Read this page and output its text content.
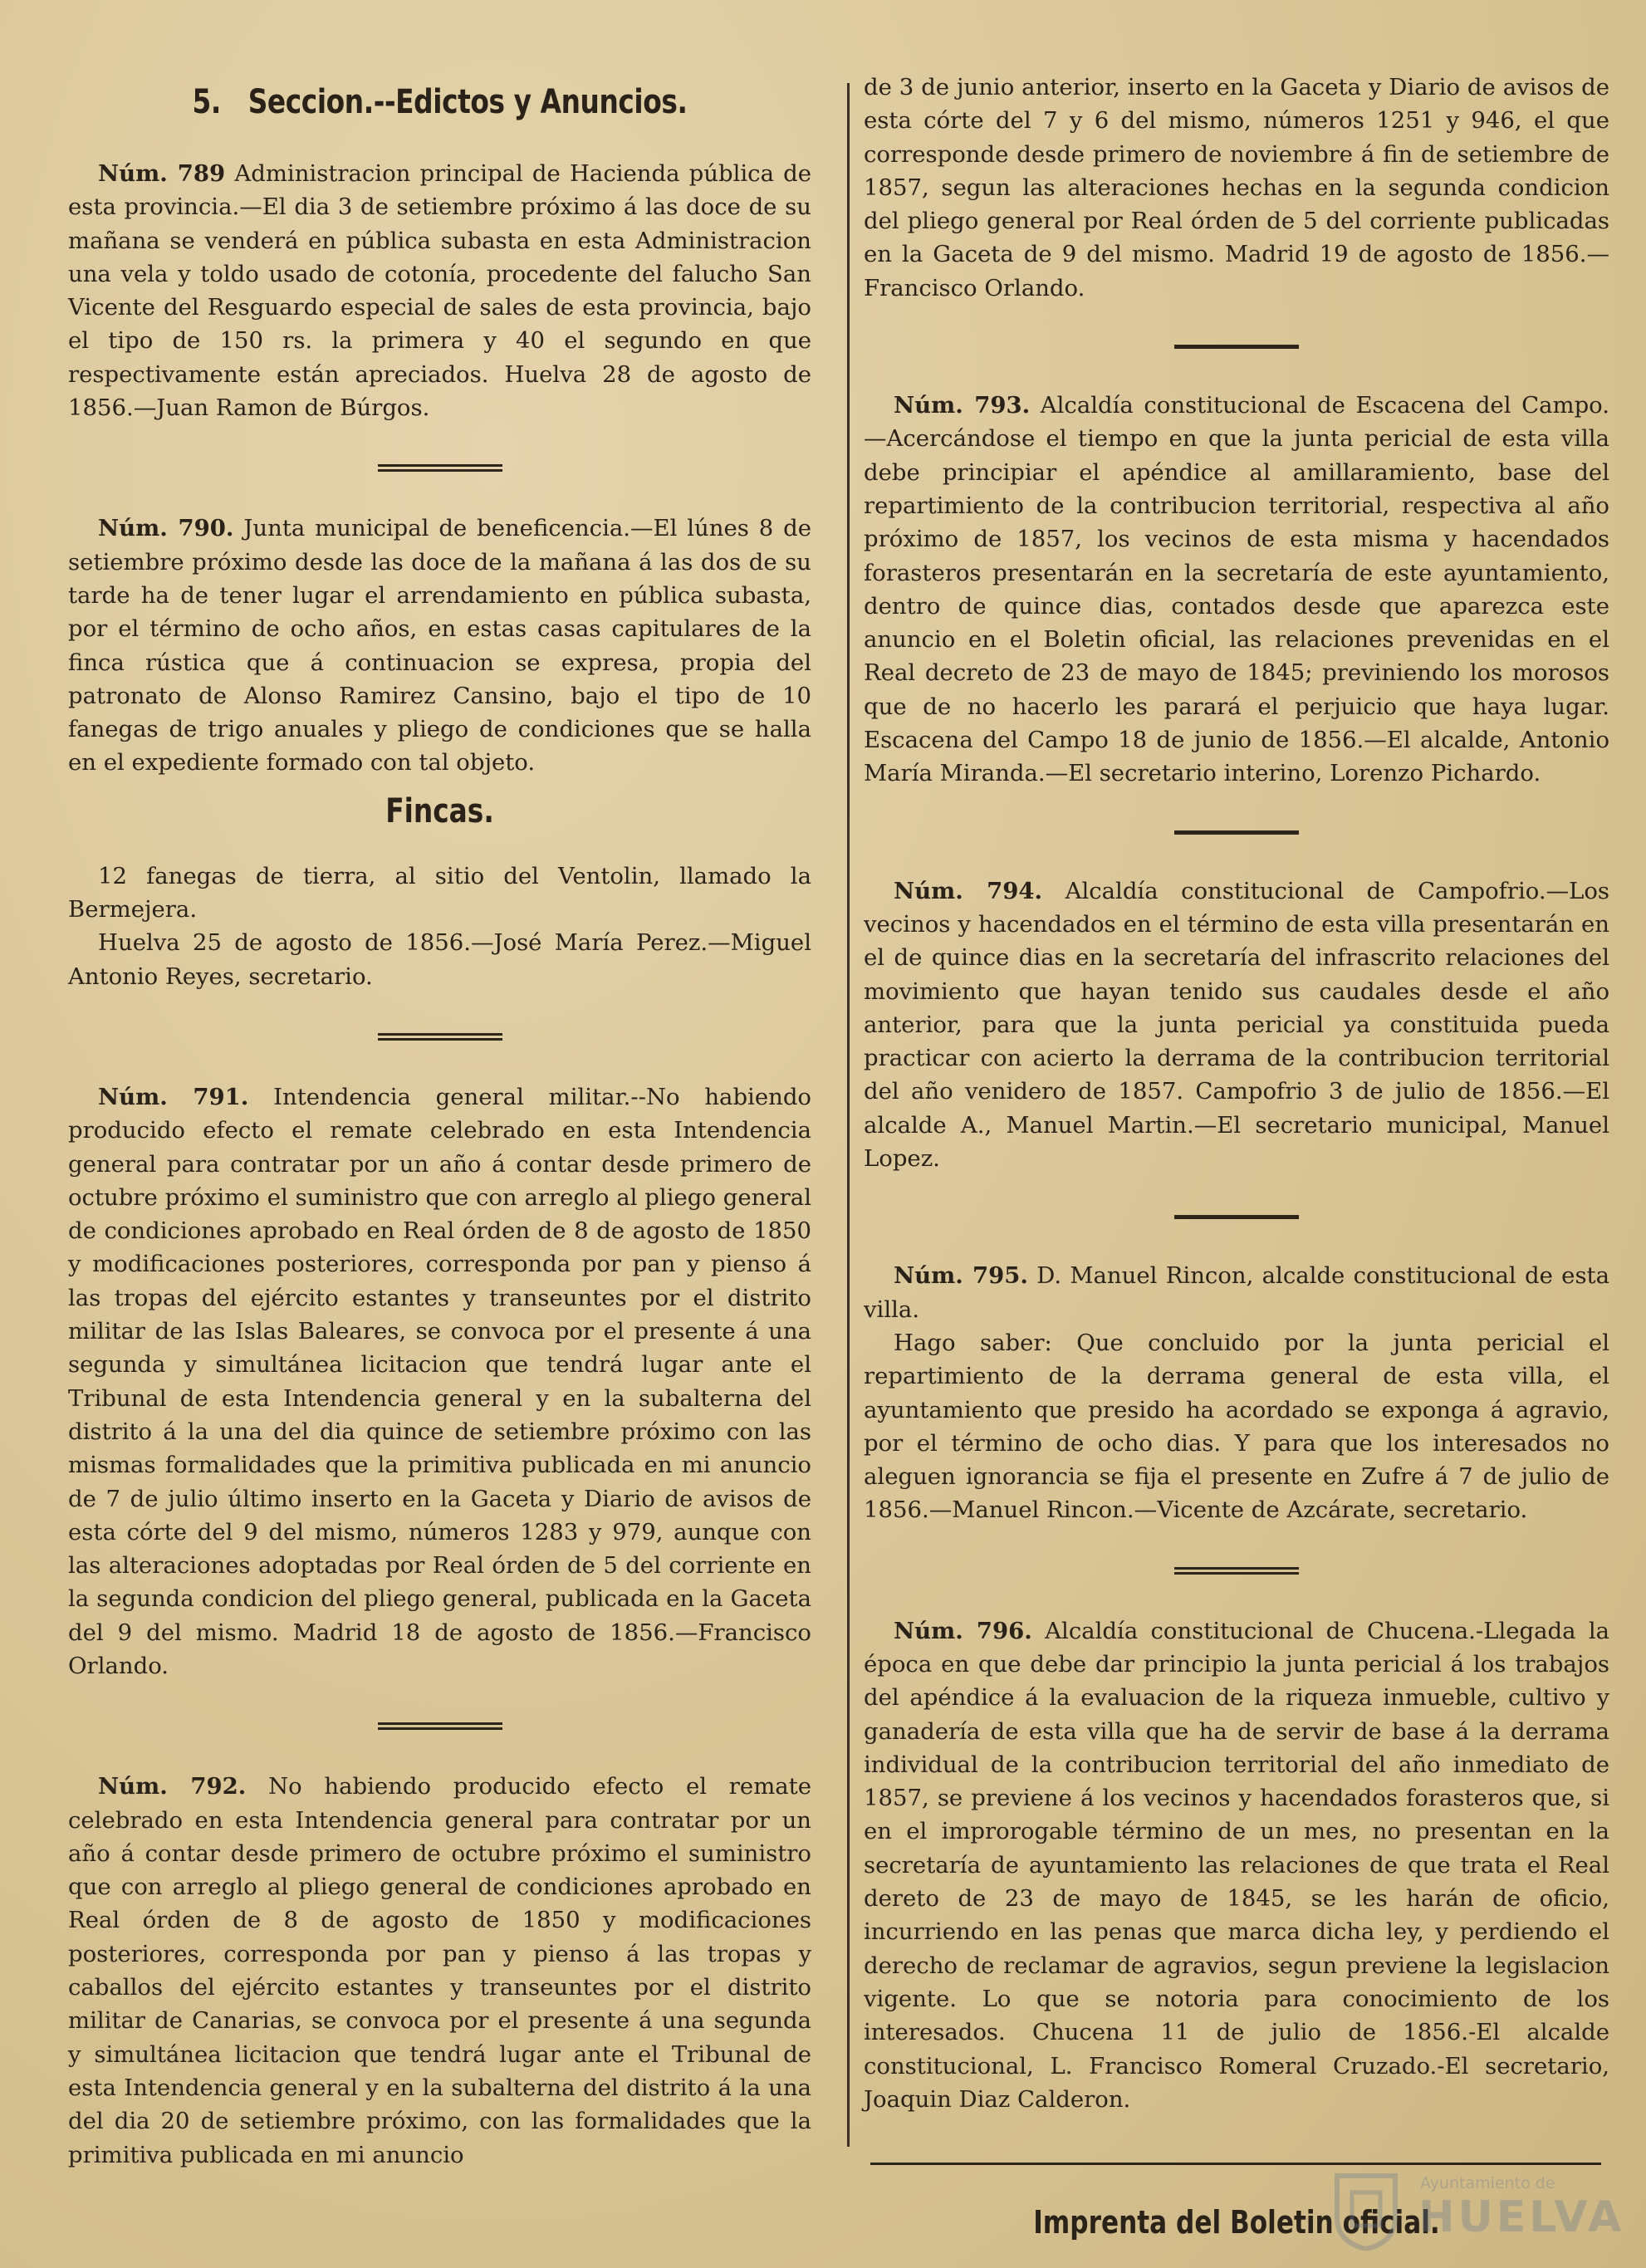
5. Seccion.--Edictos y Anuncios.

Núm. 789 Administracion principal de Hacienda pública de esta provincia.—El dia 3 de setiembre próximo á las doce de su mañana se venderá en pública subasta en esta Administracion una vela y toldo usado de cotonía, procedente del falucho San Vicente del Resguardo especial de sales de esta provincia, bajo el tipo de 150 rs. la primera y 40 el segundo en que respectivamente están apreciados. Huelva 28 de agosto de 1856.—Juan Ramon de Búrgos.

Núm. 790. Junta municipal de beneficencia.—El lúnes 8 de setiembre próximo desde las doce de la mañana á las dos de su tarde ha de tener lugar el arrendamiento en pública subasta, por el término de ocho años, en estas casas capitulares de la finca rústica que á continuacion se expresa, propia del patronato de Alonso Ramirez Cansino, bajo el tipo de 10 fanegas de trigo anuales y pliego de condiciones que se halla en el expediente formado con tal objeto.

Fincas.

12 fanegas de tierra, al sitio del Ventolin, llamado la Bermejera.

Huelva 25 de agosto de 1856.—José María Perez.—Miguel Antonio Reyes, secretario.

Núm. 791. Intendencia general militar.--No habiendo producido efecto el remate celebrado en esta Intendencia general para contratar por un año á contar desde primero de octubre próximo el suministro que con arreglo al pliego general de condiciones aprobado en Real órden de 8 de agosto de 1850 y modificaciones posteriores, corresponda por pan y pienso á las tropas del ejército estantes y transeuntes por el distrito militar de las Islas Baleares, se convoca por el presente á una segunda y simultánea licitacion que tendrá lugar ante el Tribunal de esta Intendencia general y en la subalterna del distrito á la una del dia quince de setiembre próximo con las mismas formalidades que la primitiva publicada en mi anuncio de 7 de julio último inserto en la Gaceta y Diario de avisos de esta córte del 9 del mismo, números 1283 y 979, aunque con las alteraciones adoptadas por Real órden de 5 del corriente en la segunda condicion del pliego general, publicada en la Gaceta del 9 del mismo. Madrid 18 de agosto de 1856.—Francisco Orlando.

Núm. 792. No habiendo producido efecto el remate celebrado en esta Intendencia general para contratar por un año á contar desde primero de octubre próximo el suministro que con arreglo al pliego general de condiciones aprobado en Real órden de 8 de agosto de 1850 y modificaciones posteriores, corresponda por pan y pienso á las tropas y caballos del ejército estantes y transeuntes por el distrito militar de Canarias, se convoca por el presente á una segunda y simultánea licitacion que tendrá lugar ante el Tribunal de esta Intendencia general y en la subalterna del distrito á la una del dia 20 de setiembre próximo, con las formalidades que la primitiva publicada en mi anuncio

de 3 de junio anterior, inserto en la Gaceta y Diario de avisos de esta córte del 7 y 6 del mismo, números 1251 y 946, el que corresponde desde primero de noviembre á fin de setiembre de 1857, segun las alteraciones hechas en la segunda condicion del pliego general por Real órden de 5 del corriente publicadas en la Gaceta de 9 del mismo. Madrid 19 de agosto de 1856.—Francisco Orlando.

Núm. 793. Alcaldía constitucional de Escacena del Campo.—Acercándose el tiempo en que la junta pericial de esta villa debe principiar el apéndice al amillaramiento, base del repartimiento de la contribucion territorial, respectiva al año próximo de 1857, los vecinos de esta misma y hacendados forasteros presentarán en la secretaría de este ayuntamiento, dentro de quince dias, contados desde que aparezca este anuncio en el Boletin oficial, las relaciones prevenidas en el Real decreto de 23 de mayo de 1845; previniendo los morosos que de no hacerlo les parará el perjuicio que haya lugar. Escacena del Campo 18 de junio de 1856.—El alcalde, Antonio María Miranda.—El secretario interino, Lorenzo Pichardo.

Núm. 794. Alcaldía constitucional de Campofrio.—Los vecinos y hacendados en el término de esta villa presentarán en el de quince dias en la secretaría del infrascrito relaciones del movimiento que hayan tenido sus caudales desde el año anterior, para que la junta pericial ya constituida pueda practicar con acierto la derrama de la contribucion territorial del año venidero de 1857. Campofrio 3 de julio de 1856.—El alcalde A., Manuel Martin.—El secretario municipal, Manuel Lopez.

Núm. 795. D. Manuel Rincon, alcalde constitucional de esta villa.

Hago saber: Que concluido por la junta pericial el repartimiento de la derrama general de esta villa, el ayuntamiento que presido ha acordado se exponga á agravio, por el término de ocho dias. Y para que los interesados no aleguen ignorancia se fija el presente en Zufre á 7 de julio de 1856.—Manuel Rincon.—Vicente de Azcárate, secretario.

Núm. 796. Alcaldía constitucional de Chucena.-Llegada la época en que debe dar principio la junta pericial á los trabajos del apéndice á la evaluacion de la riqueza inmueble, cultivo y ganadería de esta villa que ha de servir de base á la derrama individual de la contribucion territorial del año inmediato de 1857, se previene á los vecinos y hacendados forasteros que, si en el improrogable término de un mes, no presentan en la secretaría de ayuntamiento las relaciones de que trata el Real dereto de 23 de mayo de 1845, se les harán de oficio, incurriendo en las penas que marca dicha ley, y perdiendo el derecho de reclamar de agravios, segun previene la legislacion vigente. Lo que se notoria para conocimiento de los interesados. Chucena 11 de julio de 1856.-El alcalde constitucional, L. Francisco Romeral Cruzado.-El secretario, Joaquin Diaz Calderon.

Imprenta del Boletin oficial.
Ayuntamiento de
HUELVA
